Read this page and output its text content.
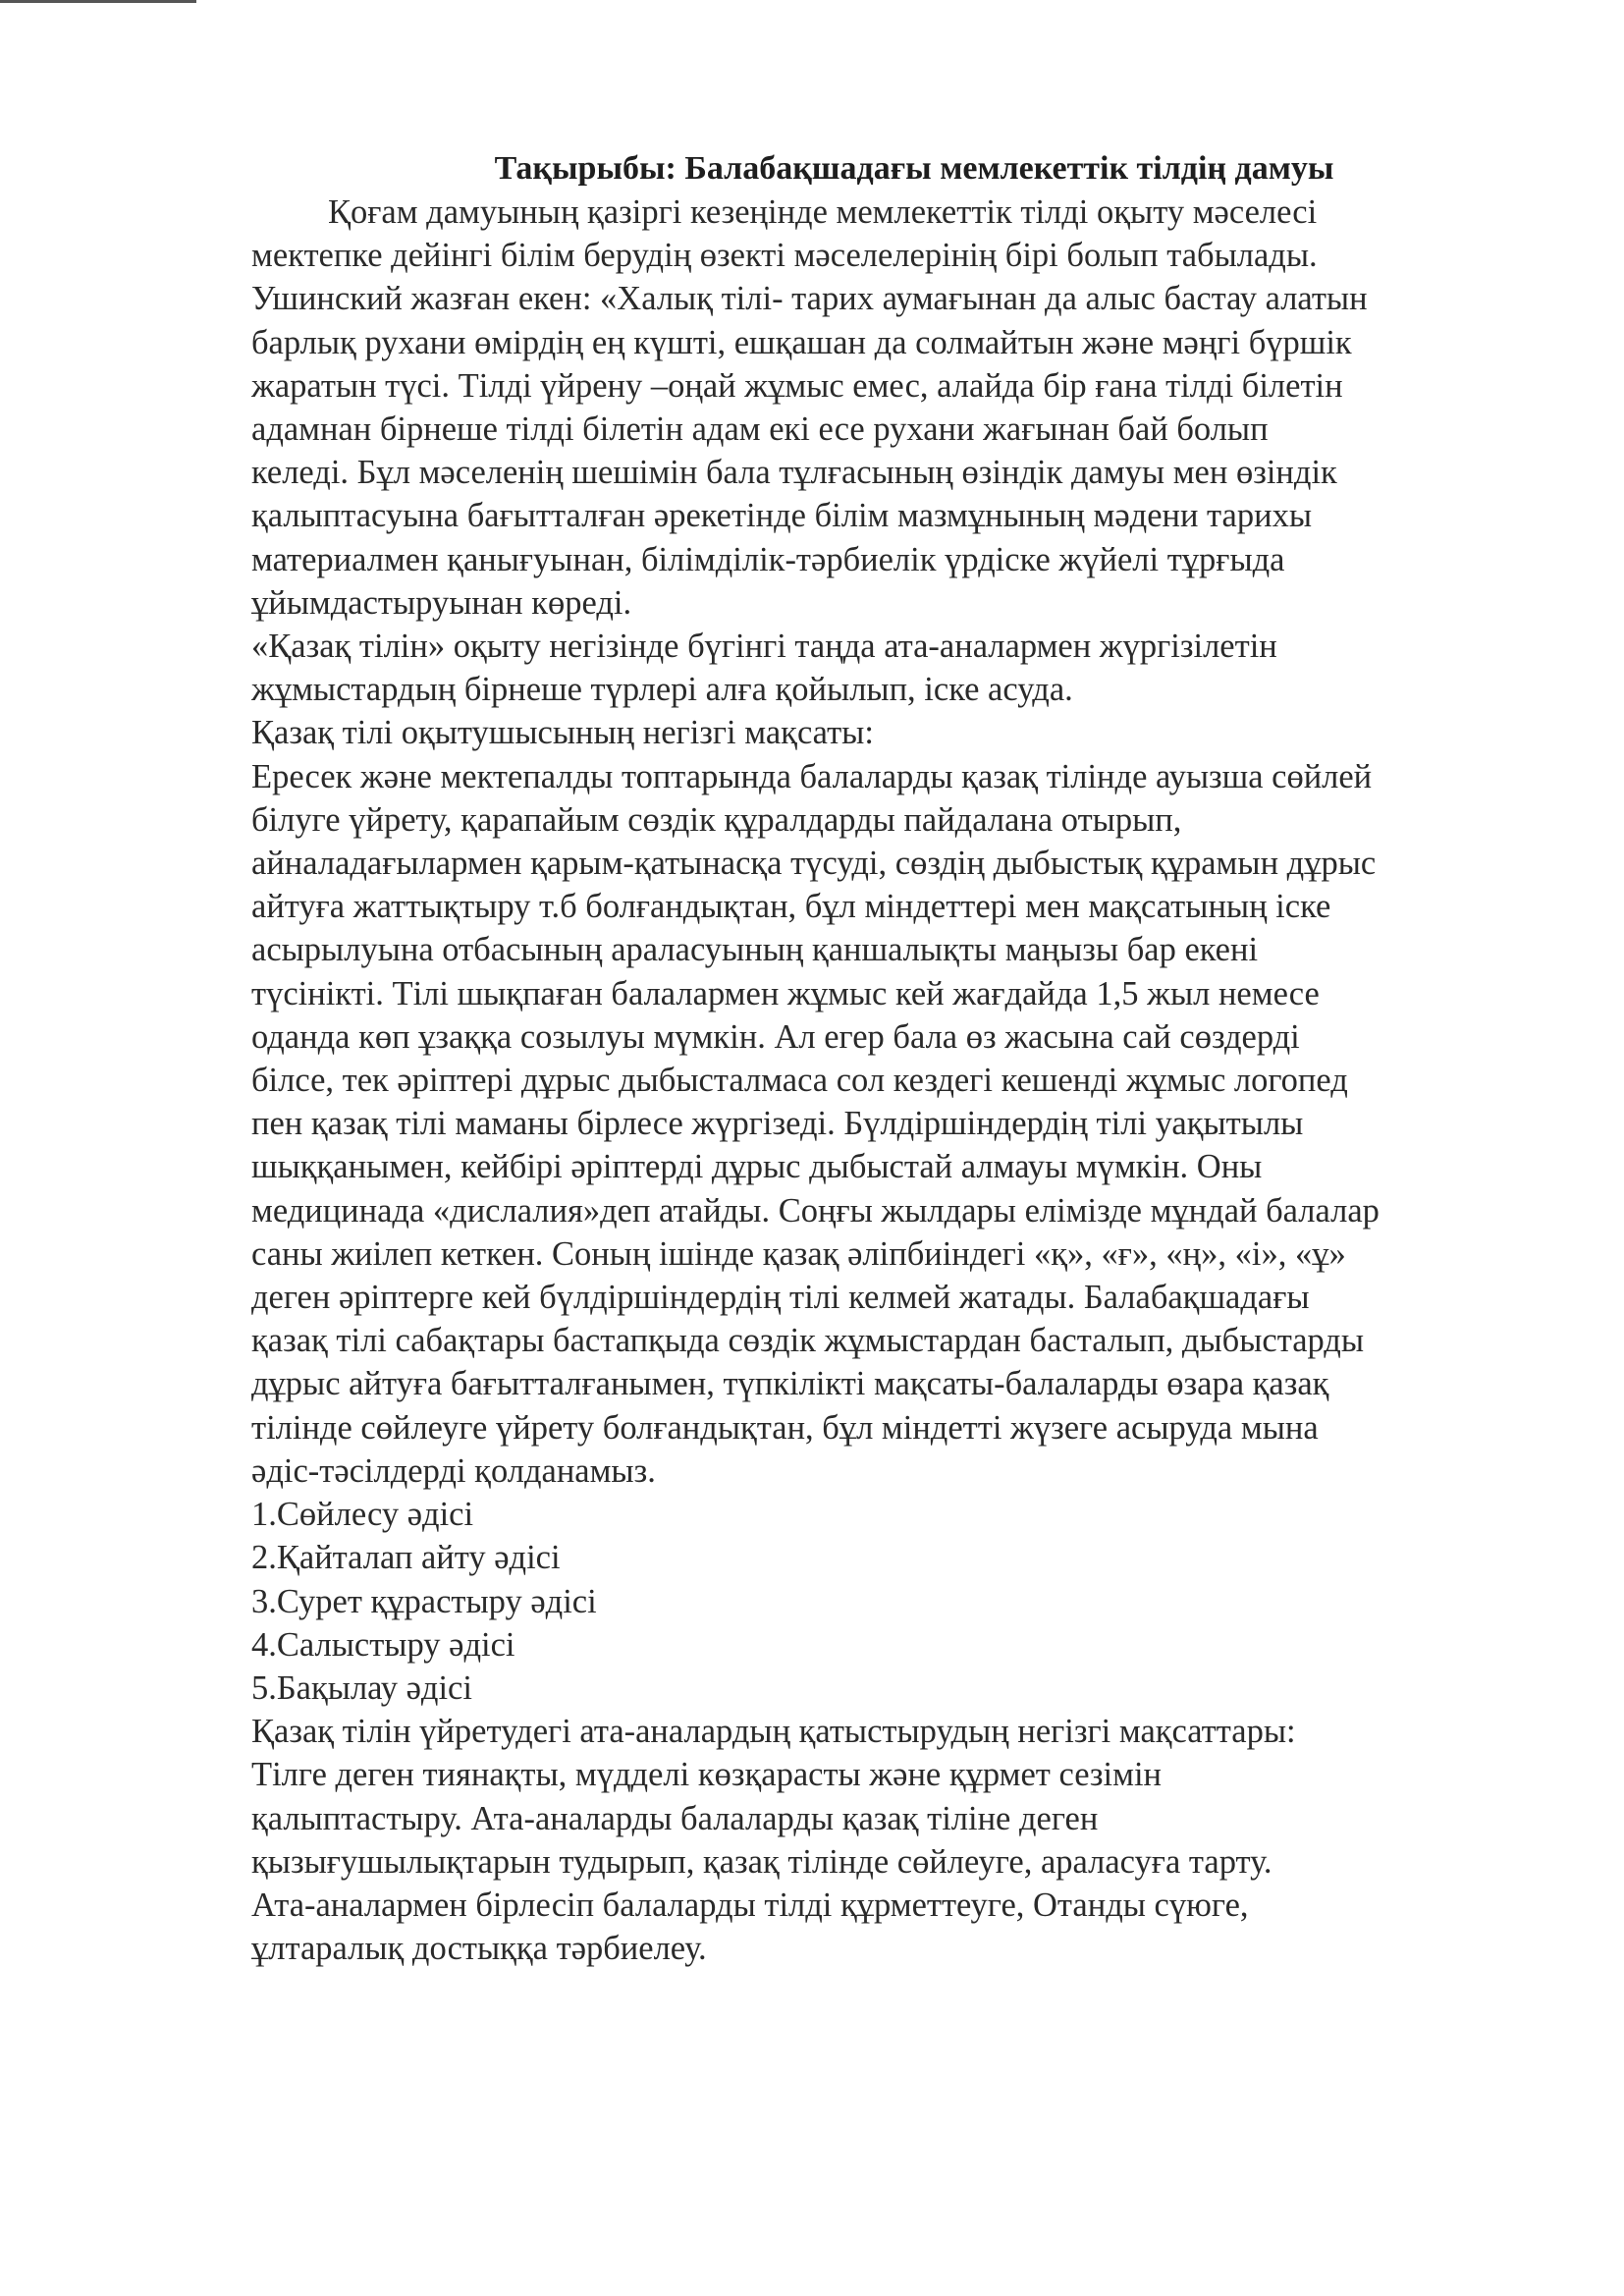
Тақырыбы: Балабақшадағы мемлекеттік тілдің дамуы
Қоғам дамуының қазіргі кезеңінде мемлекеттік тілді оқыту мәселесі
мектепке дейінгі білім берудің өзекті мәселелерінің бірі болып табылады.
Ушинский жазған екен: «Халық тілі- тарих аумағынан да алыс бастау алатын
барлық рухани өмірдің ең күшті, ешқашан да солмайтын және мәңгі бүршік
жаратын түсі. Тілді үйрену –оңай жұмыс емес, алайда бір ғана тілді білетін
адамнан бірнеше тілді білетін адам екі есе рухани жағынан бай болып
келеді. Бұл мәселенің шешімін бала тұлғасының өзіндік дамуы мен өзіндік
қалыптасуына бағытталған әрекетінде білім мазмұнының мәдени тарихы
материалмен қанығуынан, білімділік-тәрбиелік үрдіске жүйелі тұрғыда
ұйымдастыруынан көреді.
«Қазақ тілін» оқыту негізінде бүгінгі таңда ата-аналармен жүргізілетін
жұмыстардың бірнеше түрлері алға қойылып, іске асуда.
Қазақ тілі оқытушысының негізгі мақсаты:
Ересек және мектепалды топтарында балаларды қазақ тілінде ауызша сөйлей
білуге үйрету, қарапайым сөздік құралдарды пайдалана отырып,
айналадағылармен қарым-қатынасқа түсуді, сөздің дыбыстық құрамын дұрыс
айтуға жаттықтыру т.б болғандықтан, бұл міндеттері мен мақсатының іске
асырылуына отбасының араласуының қаншалықты маңызы бар екені
түсінікті. Тілі шықпаған балалармен жұмыс кей жағдайда 1,5 жыл немесе
оданда көп ұзаққа созылуы мүмкін. Ал егер бала өз жасына сай сөздерді
білсе, тек әріптері дұрыс дыбысталмаса сол кездегі кешенді жұмыс логопед
пен қазақ тілі маманы бірлесе жүргізеді. Бүлдіршіндердің тілі уақытылы
шыққанымен, кейбірі әріптерді дұрыс дыбыстай алмауы мүмкін. Оны
медицинада «дислалия»деп атайды. Соңғы жылдары елімізде мұндай балалар
саны жиілеп кеткен. Соның ішінде қазақ әліпбиіндегі «қ», «ғ», «ң», «і», «ұ»
деген әріптерге кей бүлдіршіндердің тілі келмей жатады. Балабақшадағы
қазақ тілі сабақтары бастапқыда сөздік жұмыстардан басталып, дыбыстарды
дұрыс айтуға бағытталғанымен, түпкілікті мақсаты-балаларды өзара қазақ
тілінде сөйлеуге үйрету болғандықтан, бұл міндетті жүзеге асыруда мына
әдіс-тәсілдерді қолданамыз.
1.Сөйлесу әдісі
2.Қайталап айту әдісі
3.Сурет құрастыру әдісі
4.Салыстыру әдісі
5.Бақылау әдісі
Қазақ тілін үйретудегі ата-аналардың қатыстырудың негізгі мақсаттары:
Тілге деген тиянақты, мүдделі көзқарасты және құрмет сезімін
қалыптастыру. Ата-аналарды балаларды қазақ тіліне деген
қызығушылықтарын тудырып, қазақ тілінде сөйлеуге, араласуға тарту.
Ата-аналармен бірлесіп балаларды тілді құрметтеуге, Отанды сүюге,
ұлтаралық достыққа тәрбиелеу.
